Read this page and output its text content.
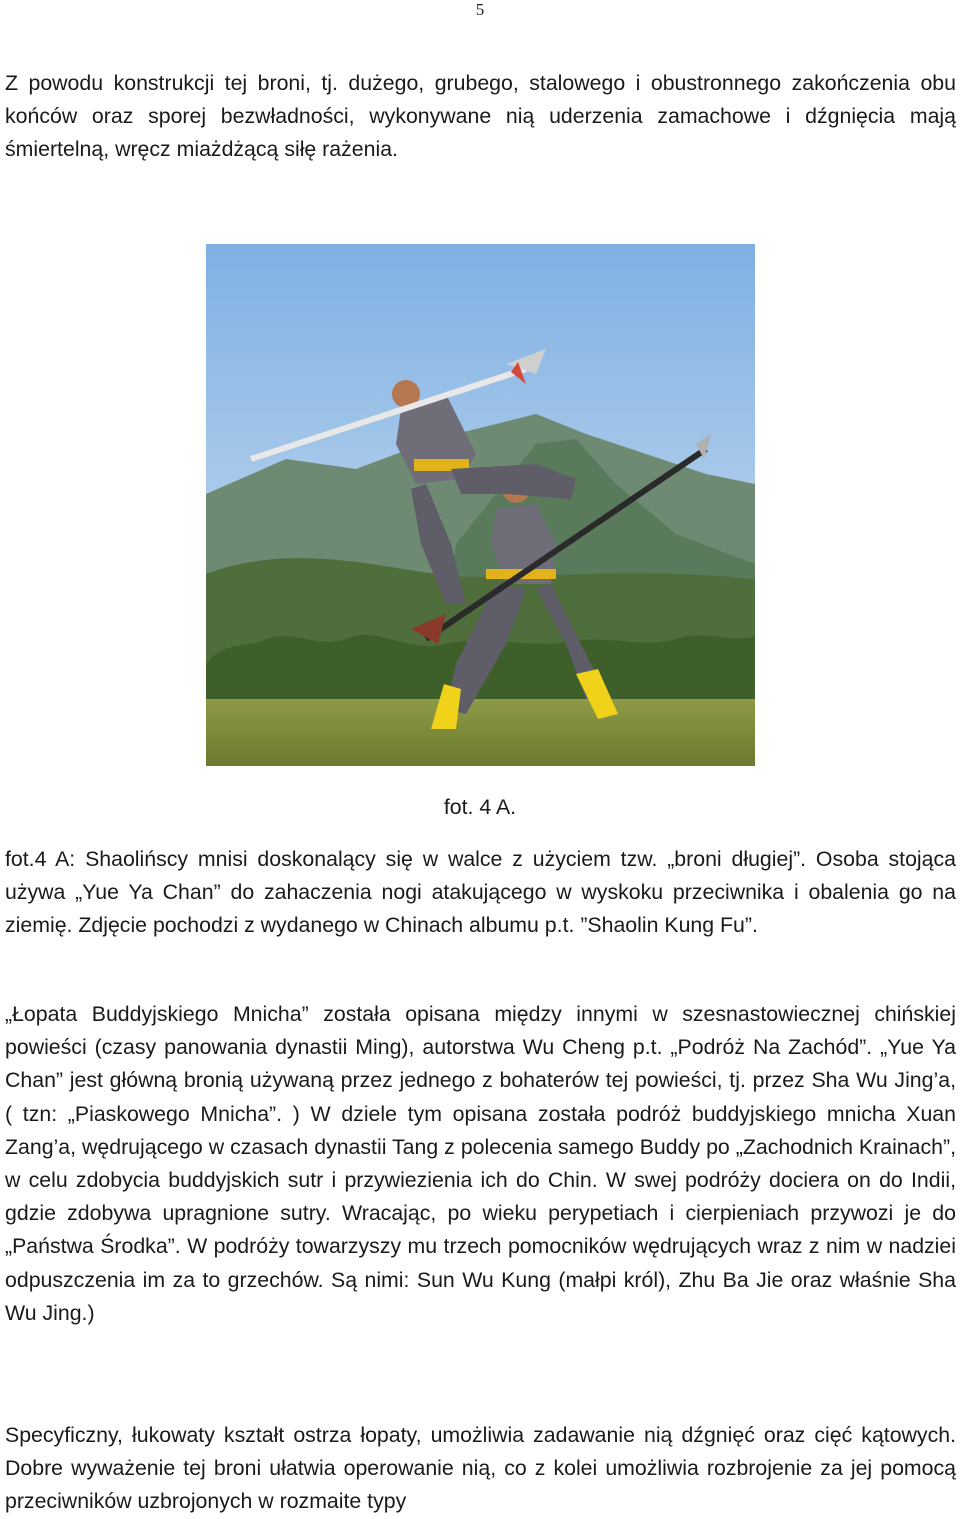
5

Z powodu konstrukcji tej broni, tj. dużego, grubego, stalowego i obustronnego zakończenia obu końców oraz sporej bezwładności, wykonywane nią uderzenia zamachowe i dźgnięcia mają śmiertelną, wręcz miażdżącą siłę rażenia.

fot. 4 A.

fot.4 A: Shaolińscy mnisi doskonalący się w walce z użyciem tzw. „broni długiej”. Osoba stojąca używa „Yue Ya Chan” do zahaczenia nogi atakującego w wyskoku przeciwnika i obalenia go na ziemię. Zdjęcie pochodzi z wydanego w Chinach albumu p.t. ”Shaolin Kung Fu”.

„Łopata Buddyjskiego Mnicha” została opisana między innymi w szesnastowiecznej chińskiej powieści (czasy panowania dynastii Ming), autorstwa Wu Cheng p.t. „Podróż Na Zachód”. „Yue Ya Chan” jest główną bronią używaną przez jednego z bohaterów tej powieści, tj. przez Sha Wu Jing’a, ( tzn: „Piaskowego Mnicha”. ) W dziele tym opisana została podróż buddyjskiego mnicha Xuan Zang’a, wędrującego w czasach dynastii Tang z polecenia samego Buddy po „Zachodnich Krainach”, w celu zdobycia buddyjskich sutr i przywiezienia ich do Chin. W swej podróży dociera on do Indii, gdzie zdobywa upragnione sutry. Wracając, po wieku perypetiach i cierpieniach przywozi je do „Państwa Środka”. W podróży towarzyszy mu trzech pomocników wędrujących wraz z nim w nadziei odpuszczenia im za to grzechów. Są nimi: Sun Wu Kung (małpi król), Zhu Ba Jie oraz właśnie Sha Wu Jing.)

Specyficzny, łukowaty kształt ostrza łopaty, umożliwia zadawanie nią dźgnięć oraz cięć kątowych. Dobre wyważenie tej broni ułatwia operowanie nią, co z kolei umożliwia rozbrojenie za jej pomocą przeciwników uzbrojonych w rozmaite typy
